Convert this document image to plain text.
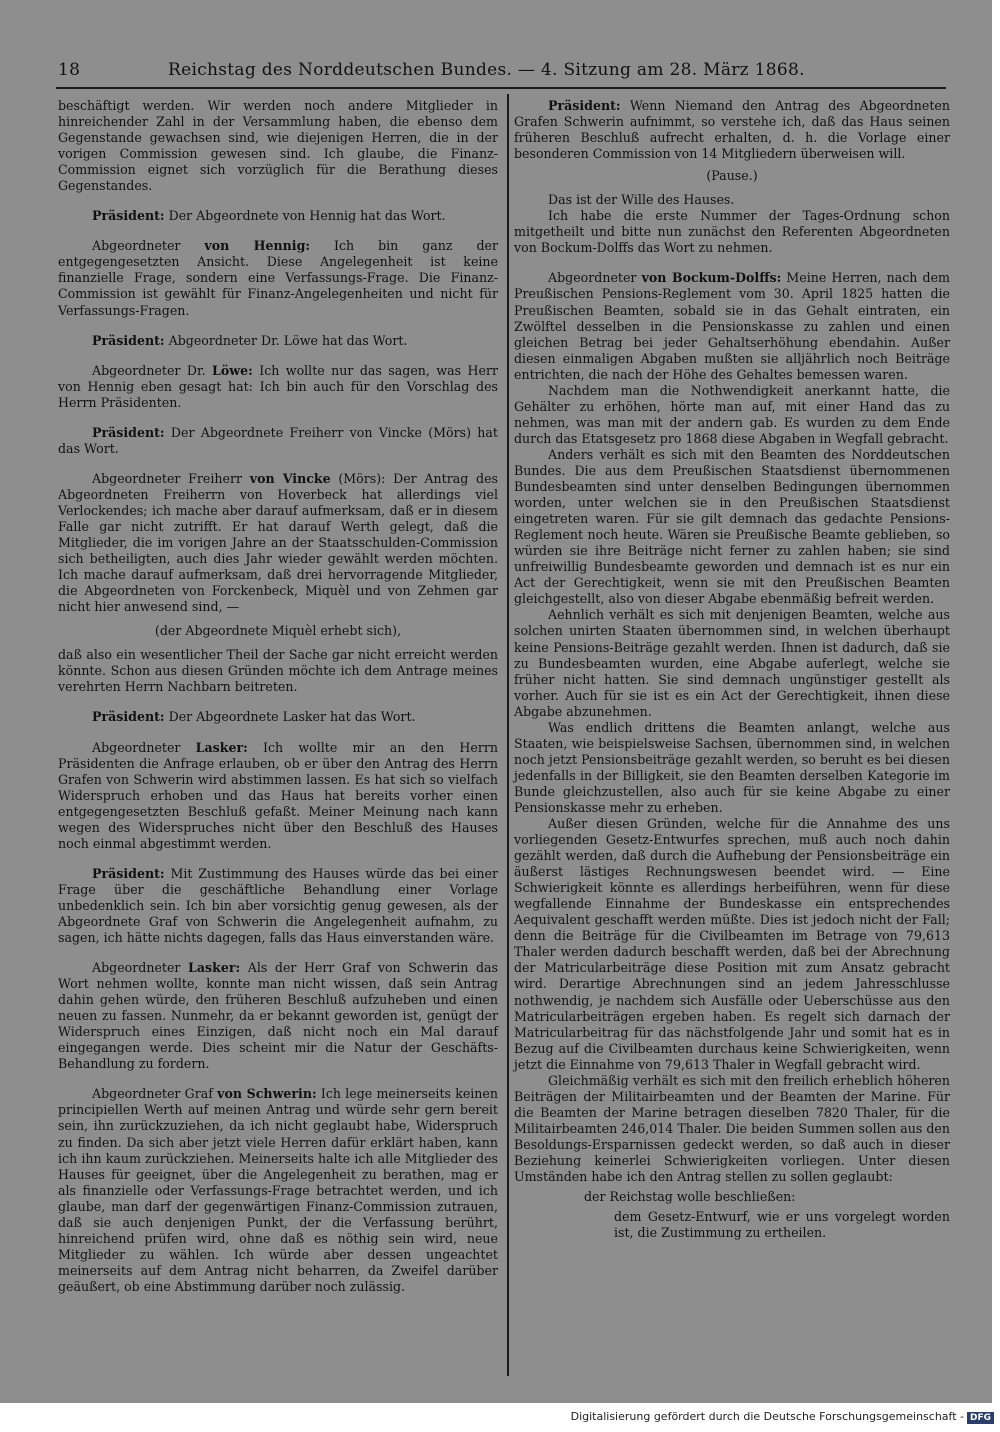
18	Reichstag des Norddeutschen Bundes. — 4. Sitzung am 28. März 1868.

beschäftigt werden. Wir werden noch andere Mitglieder in hinreichender Zahl in der Versammlung haben, die ebenso dem Gegenstande gewachsen sind, wie diejenigen Herren, die in der vorigen Commission gewesen sind. Ich glaube, die Finanz-Commission eignet sich vorzüglich für die Berathung dieses Gegenstandes.

Präsident: Der Abgeordnete von Hennig hat das Wort.

Abgeordneter von Hennig: Ich bin ganz der entgegengesetzten Ansicht. Diese Angelegenheit ist keine finanzielle Frage, sondern eine Verfassungs-Frage. Die Finanz-Commission ist gewählt für Finanz-Angelegenheiten und nicht für Verfassungs-Fragen.

Präsident: Abgeordneter Dr. Löwe hat das Wort.

Abgeordneter Dr. Löwe: Ich wollte nur das sagen, was Herr von Hennig eben gesagt hat: Ich bin auch für den Vorschlag des Herrn Präsidenten.

Präsident: Der Abgeordnete Freiherr von Vincke (Mörs) hat das Wort.

Abgeordneter Freiherr von Vincke (Mörs): Der Antrag des Abgeordneten Freiherrn von Hoverbeck hat allerdings viel Verlockendes; ich mache aber darauf aufmerksam, daß er in diesem Falle gar nicht zutrifft. Er hat darauf Werth gelegt, daß die Mitglieder, die im vorigen Jahre an der Staatsschulden-Commission sich betheiligten, auch dies Jahr wieder gewählt werden möchten. Ich mache darauf aufmerksam, daß drei hervorragende Mitglieder, die Abgeordneten von Forckenbeck, Miquèl und von Zehmen gar nicht hier anwesend sind, —

(der Abgeordnete Miquèl erhebt sich),

daß also ein wesentlicher Theil der Sache gar nicht erreicht werden könnte. Schon aus diesen Gründen möchte ich dem Antrage meines verehrten Herrn Nachbarn beitreten.

Präsident: Der Abgeordnete Lasker hat das Wort.

Abgeordneter Lasker: Ich wollte mir an den Herrn Präsidenten die Anfrage erlauben, ob er über den Antrag des Herrn Grafen von Schwerin wird abstimmen lassen. Es hat sich so vielfach Widerspruch erhoben und das Haus hat bereits vorher einen entgegengesetzten Beschluß gefaßt. Meiner Meinung nach kann wegen des Widerspruches nicht über den Beschluß des Hauses noch einmal abgestimmt werden.

Präsident: Mit Zustimmung des Hauses würde das bei einer Frage über die geschäftliche Behandlung einer Vorlage unbedenklich sein. Ich bin aber vorsichtig genug gewesen, als der Abgeordnete Graf von Schwerin die Angelegenheit aufnahm, zu sagen, ich hätte nichts dagegen, falls das Haus einverstanden wäre.

Abgeordneter Lasker: Als der Herr Graf von Schwerin das Wort nehmen wollte, konnte man nicht wissen, daß sein Antrag dahin gehen würde, den früheren Beschluß aufzuheben und einen neuen zu fassen. Nunmehr, da er bekannt geworden ist, genügt der Widerspruch eines Einzigen, daß nicht noch ein Mal darauf eingegangen werde. Dies scheint mir die Natur der Geschäfts-Behandlung zu fordern.

Abgeordneter Graf von Schwerin: Ich lege meinerseits keinen principiellen Werth auf meinen Antrag und würde sehr gern bereit sein, ihn zurückzuziehen, da ich nicht geglaubt habe, Widerspruch zu finden. Da sich aber jetzt viele Herren dafür erklärt haben, kann ich ihn kaum zurückziehen. Meinerseits halte ich alle Mitglieder des Hauses für geeignet, über die Angelegenheit zu berathen, mag er als finanzielle oder Verfassungs-Frage betrachtet werden, und ich glaube, man darf der gegenwärtigen Finanz-Commission zutrauen, daß sie auch denjenigen Punkt, der die Verfassung berührt, hinreichend prüfen wird, ohne daß es nöthig sein wird, neue Mitglieder zu wählen. Ich würde aber dessen ungeachtet meinerseits auf dem Antrag nicht beharren, da Zweifel darüber geäußert, ob eine Abstimmung darüber noch zulässig.

Präsident: Wenn Niemand den Antrag des Abgeordneten Grafen Schwerin aufnimmt, so verstehe ich, daß das Haus seinen früheren Beschluß aufrecht erhalten, d. h. die Vorlage einer besonderen Commission von 14 Mitgliedern überweisen will.

(Pause.)

Das ist der Wille des Hauses.

Ich habe die erste Nummer der Tages-Ordnung schon mitgetheilt und bitte nun zunächst den Referenten Abgeordneten von Bockum-Dolffs das Wort zu nehmen.

Abgeordneter von Bockum-Dolffs: Meine Herren, nach dem Preußischen Pensions-Reglement vom 30. April 1825 hatten die Preußischen Beamten, sobald sie in das Gehalt eintraten, ein Zwölftel desselben in die Pensionskasse zu zahlen und einen gleichen Betrag bei jeder Gehaltserhöhung ebendahin. Außer diesen einmaligen Abgaben mußten sie alljährlich noch Beiträge entrichten, die nach der Höhe des Gehaltes bemessen waren.

Nachdem man die Nothwendigkeit anerkannt hatte, die Gehälter zu erhöhen, hörte man auf, mit einer Hand das zu nehmen, was man mit der andern gab. Es wurden zu dem Ende durch das Etatsgesetz pro 1868 diese Abgaben in Wegfall gebracht.

Anders verhält es sich mit den Beamten des Norddeutschen Bundes. Die aus dem Preußischen Staatsdienst übernommenen Bundesbeamten sind unter denselben Bedingungen übernommen worden, unter welchen sie in den Preußischen Staatsdienst eingetreten waren. Für sie gilt demnach das gedachte Pensions-Reglement noch heute. Wären sie Preußische Beamte geblieben, so würden sie ihre Beiträge nicht ferner zu zahlen haben; sie sind unfreiwillig Bundesbeamte geworden und demnach ist es nur ein Act der Gerechtigkeit, wenn sie mit den Preußischen Beamten gleichgestellt, also von dieser Abgabe ebenmäßig befreit werden.

Aehnlich verhält es sich mit denjenigen Beamten, welche aus solchen unirten Staaten übernommen sind, in welchen überhaupt keine Pensions-Beiträge gezahlt werden. Ihnen ist dadurch, daß sie zu Bundesbeamten wurden, eine Abgabe auferlegt, welche sie früher nicht hatten. Sie sind demnach ungünstiger gestellt als vorher. Auch für sie ist es ein Act der Gerechtigkeit, ihnen diese Abgabe abzunehmen.

Was endlich drittens die Beamten anlangt, welche aus Staaten, wie beispielsweise Sachsen, übernommen sind, in welchen noch jetzt Pensionsbeiträge gezahlt werden, so beruht es bei diesen jedenfalls in der Billigkeit, sie den Beamten derselben Kategorie im Bunde gleichzustellen, also auch für sie keine Abgabe zu einer Pensionskasse mehr zu erheben.

Außer diesen Gründen, welche für die Annahme des uns vorliegenden Gesetz-Entwurfes sprechen, muß auch noch dahin gezählt werden, daß durch die Aufhebung der Pensionsbeiträge ein äußerst lästiges Rechnungswesen beendet wird. — Eine Schwierigkeit könnte es allerdings herbeiführen, wenn für diese wegfallende Einnahme der Bundeskasse ein entsprechendes Aequivalent geschafft werden müßte. Dies ist jedoch nicht der Fall; denn die Beiträge für die Civilbeamten im Betrage von 79,613 Thaler werden dadurch beschafft werden, daß bei der Abrechnung der Matricularbeiträge diese Position mit zum Ansatz gebracht wird. Derartige Abrechnungen sind an jedem Jahresschlusse nothwendig, je nachdem sich Ausfälle oder Ueberschüsse aus den Matricularbeiträgen ergeben haben. Es regelt sich darnach der Matricularbeitrag für das nächstfolgende Jahr und somit hat es in Bezug auf die Civilbeamten durchaus keine Schwierigkeiten, wenn jetzt die Einnahme von 79,613 Thaler in Wegfall gebracht wird.

Gleichmäßig verhält es sich mit den freilich erheblich höheren Beiträgen der Militairbeamten und der Beamten der Marine. Für die Beamten der Marine betragen dieselben 7820 Thaler, für die Militairbeamten 246,014 Thaler. Die beiden Summen sollen aus den Besoldungs-Ersparnissen gedeckt werden, so daß auch in dieser Beziehung keinerlei Schwierigkeiten vorliegen. Unter diesen Umständen habe ich den Antrag stellen zu sollen geglaubt:

der Reichstag wolle beschließen:

dem Gesetz-Entwurf, wie er uns vorgelegt worden ist, die Zustimmung zu ertheilen.

Digitalisierung gefördert durch die Deutsche Forschungsgemeinschaft - DFG
